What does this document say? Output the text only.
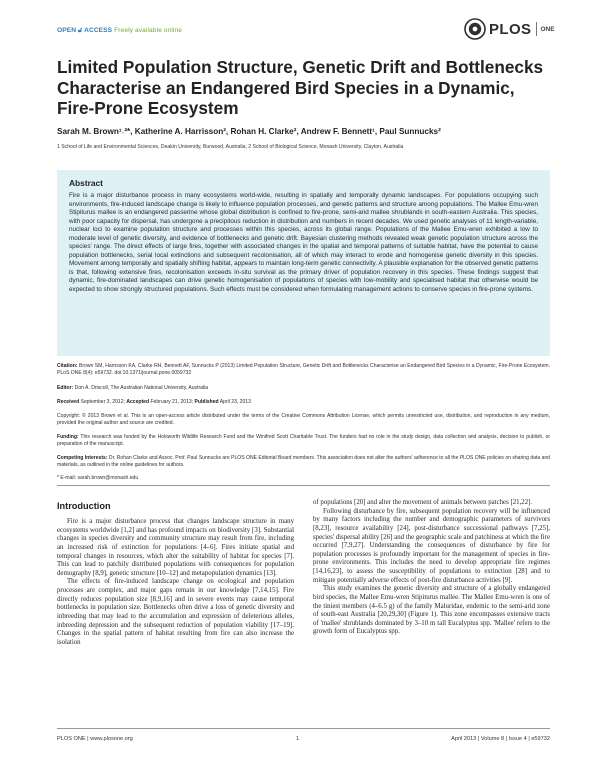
OPEN 🔓︎ ACCESS Freely available online	PLOS ONE
Limited Population Structure, Genetic Drift and Bottlenecks Characterise an Endangered Bird Species in a Dynamic, Fire-Prone Ecosystem

Sarah M. Brown¹˒²*, Katherine A. Harrisson², Rohan H. Clarke², Andrew F. Bennett¹, Paul Sunnucks²

1 School of Life and Environmental Sciences, Deakin University, Burwood, Australia, 2 School of Biological Science, Monash University, Clayton, Australia

Abstract

Fire is a major disturbance process in many ecosystems world-wide, resulting in spatially and temporally dynamic landscapes. For populations occupying such environments, fire-induced landscape change is likely to influence population processes, and genetic patterns and structure among populations. The Mallee Emu-wren Stipiturus mallee is an endangered passerine whose global distribution is confined to fire-prone, semi-arid mallee shrublands in south-eastern Australia. This species, with poor capacity for dispersal, has undergone a precipitous reduction in distribution and numbers in recent decades. We used genetic analyses of 11 length-variable, nuclear loci to examine population structure and processes within this species, across its global range. Populations of the Mallee Emu-wren exhibited a low to moderate level of genetic diversity, and evidence of bottlenecks and genetic drift. Bayesian clustering methods revealed weak genetic population structure across the species' range. The direct effects of large fires, together with associated changes in the spatial and temporal patterns of suitable habitat, have the potential to cause population bottlenecks, serial local extinctions and subsequent recolonisation, all of which may interact to erode and homogenise genetic diversity in this species. Movement among temporally and spatially shifting habitat, appears to maintain long-term genetic connectivity. A plausible explanation for the observed genetic patterns is that, following extensive fires, recolonisation exceeds in-situ survival as the primary driver of population recovery in this species. These findings suggest that dynamic, fire-dominated landscapes can drive genetic homogenisation of populations of species with low-mobility and specialised habitat that otherwise would be expected to show strongly structured populations. Such effects must be considered when formulating management actions to conserve species in fire-prone systems.

Citation: Brown SM, Harrisson KA, Clarke RH, Bennett AF, Sunnucks P (2013) Limited Population Structure, Genetic Drift and Bottlenecks Characterise an Endangered Bird Species in a Dynamic, Fire-Prone Ecosystem. PLoS ONE 8(4): e59732. doi:10.1371/journal.pone.0059732

Editor: Don A. Driscoll, The Australian National University, Australia

Received September 3, 2012; Accepted February 21, 2013; Published April 23, 2013

Copyright: © 2013 Brown et al. This is an open-access article distributed under the terms of the Creative Commons Attribution License, which permits unrestricted use, distribution, and reproduction in any medium, provided the original author and source are credited.

Funding: This research was funded by the Holsworth Wildlife Research Fund and the Winifred Scott Charitable Trust. The funders had no role in the study design, data collection and analysis, decision to publish, or preparation of the manuscript.

Competing Interests: Dr. Rohan Clarke and Assoc. Prof. Paul Sunnucks are PLOS ONE Editorial Board members. This association does not alter the authors' adherence to all the PLOS ONE policies on sharing data and materials, as outlined in the online guidelines for authors.

* E-mail: sarah.brown@monash.edu

Introduction

Fire is a major disturbance process that changes landscape structure in many ecosystems worldwide [1,2] and has profound impacts on biodiversity [3]. Substantial changes in species diversity and community structure may result from fire, including an increased risk of extinction for populations [4–6]. Fires initiate spatial and temporal changes in resources, which alter the suitability of habitat for species [7]. This can lead to patchily distributed populations with consequences for population demography [8,9], genetic structure [10–12] and metapopulation dynamics [13].

The effects of fire-induced landscape change on ecological and population processes are complex, and major gaps remain in our knowledge [7,14,15]. Fire directly reduces population size [8,9,16] and in severe events may cause temporal bottlenecks in population size. Bottlenecks often drive a loss of genetic diversity and inbreeding that may lead to the accumulation and expression of deleterious alleles, inbreeding depression and the subsequent reduction of population viability [17–19]. Changes in the spatial pattern of habitat resulting from fire can also increase the isolation

of populations [20] and alter the movement of animals between patches [21,22].

Following disturbance by fire, subsequent population recovery will be influenced by many factors including the number and demographic parameters of survivors [8,23], resource availability [24], post-disturbance successional pathways [7,25], species' dispersal ability [26] and the geographic scale and patchiness at which the fire occurred [7,9,27]. Understanding the consequences of disturbance by fire for population processes is profoundly important for the management of species in fire-prone environments. This includes the need to develop appropriate fire regimes [14,16,23], to assess the susceptibility of populations to extinction [28] and to mitigate potentially adverse effects of post-fire disturbance activities [9].

This study examines the genetic diversity and structure of a globally endangered bird species, the Mallee Emu-wren Stipiturus mallee. The Mallee Emu-wren is one of the tiniest members (4–6.5 g) of the family Maluridae, endemic to the semi-arid zone of south-east Australia [20,29,30] (Figure 1). This zone encompasses extensive tracts of 'mallee' shrublands dominated by 3–10 m tall Eucalyptus spp. 'Mallee' refers to the growth form of Eucalyptus spp.

PLOS ONE | www.plosone.org	1	April 2013 | Volume 8 | Issue 4 | e59732
